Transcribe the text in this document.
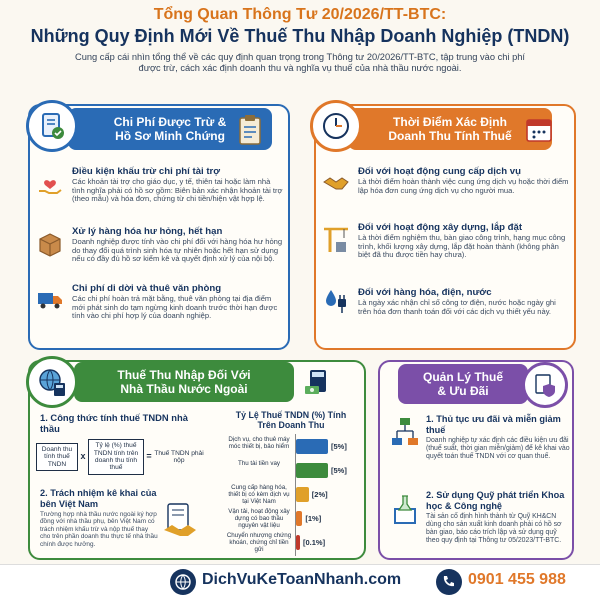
Tổng Quan Thông Tư 20/2026/TT-BTC:
Những Quy Định Mới Về Thuế Thu Nhập Doanh Nghiệp (TNDN)
Cung cấp cái nhìn tổng thể về các quy định quan trọng trong Thông tư 20/2026/TT-BTC, tập trung vào chi phí được trừ, cách xác định doanh thu và nghĩa vụ thuế của nhà thầu nước ngoài.
Chi Phí Được Trừ & Hồ Sơ Minh Chứng
Điều kiện khấu trừ chi phí tài trợ

Các khoản tài trợ cho giáo dục, y tế, thiên tai hoặc làm nhà tình nghĩa phải có hồ sơ gồm: Biên bản xác nhận khoản tài trợ (theo mẫu) và hóa đơn, chứng từ chi tiền/hiện vật hợp lệ.

Xử lý hàng hóa hư hỏng, hết hạn

Doanh nghiệp được tính vào chi phí đối với hàng hóa hư hỏng do thay đổi quá trình sinh hóa tự nhiên hoặc hết hạn sử dụng nếu có đầy đủ hồ sơ kiểm kê và quyết định xử lý của nội bộ.

Chi phí di dời và thuê văn phòng

Các chi phí hoàn trả mặt bằng, thuê văn phòng tại địa điểm mới phát sinh do tạm ngừng kinh doanh trước thời hạn được tính vào chi phí hợp lý của doanh nghiệp.

Thời Điểm Xác Định Doanh Thu Tính Thuế
Đối với hoạt động cung cấp dịch vụ

Là thời điểm hoàn thành việc cung ứng dịch vụ hoặc thời điểm lập hóa đơn cung ứng dịch vụ cho người mua.

Đối với hoạt động xây dựng, lắp đặt

Là thời điểm nghiệm thu, bàn giao công trình, hạng mục công trình, khối lượng xây dựng, lắp đặt hoàn thành (không phân biệt đã thu được tiền hay chưa).

Đối với hàng hóa, điện, nước

Là ngày xác nhận chỉ số công tơ điện, nước hoặc ngày ghi trên hóa đơn thanh toán đối với các dịch vụ thiết yếu này.

Thuế Thu Nhập Đối Với Nhà Thầu Nước Ngoài
1. Công thức tính thuế TNDN nhà thầu
Doanh thu tính thuế TNDN
x
Tỷ lệ (%) thuế TNDN tính trên doanh thu tính thuế
= Thuế TNDN phải nộp
2. Trách nhiệm kê khai của bên Việt Nam

Trường hợp nhà thầu nước ngoài ký hợp đồng với nhà thầu phụ, bên Việt Nam có trách nhiệm khấu trừ và nộp thuế thay cho trên phần doanh thu thực tế nhà thầu chính được hưởng.

Tỷ Lệ Thuế TNDN (%) Tính Trên Doanh Thu
Dịch vụ, cho thuê máy móc thiết bị, bảo hiểm	[5%]
Thu tài tiền vay
[5%]
Cung cấp hàng hóa, thiết bị có kèm dịch vụ tại Việt Nam
[2%]
Vận tải, hoạt động xây dựng có bao thầu nguyên vật liệu
[1%]
Chuyển nhượng chứng khoán, chứng chỉ tiền gửi
[0.1%]
Quản Lý Thuế & Ưu Đãi
1. Thủ tục ưu đãi và miễn giảm thuế

Doanh nghiệp tự xác định các điều kiện ưu đãi (thuế suất, thời gian miễn/giảm) để kê khai vào quyết toán thuế TNDN với cơ quan thuế.

2. Sử dụng Quỹ phát triển Khoa học & Công nghệ

Tài sản cố định hình thành từ Quỹ KH&CN dùng cho sản xuất kinh doanh phải có hồ sơ bàn giao, báo cáo trích lập và sử dụng quỹ theo quy định tại Thông tư 05/2023/TT-BTC.

DichVuKeToanNhanh.com	0901 455 988
